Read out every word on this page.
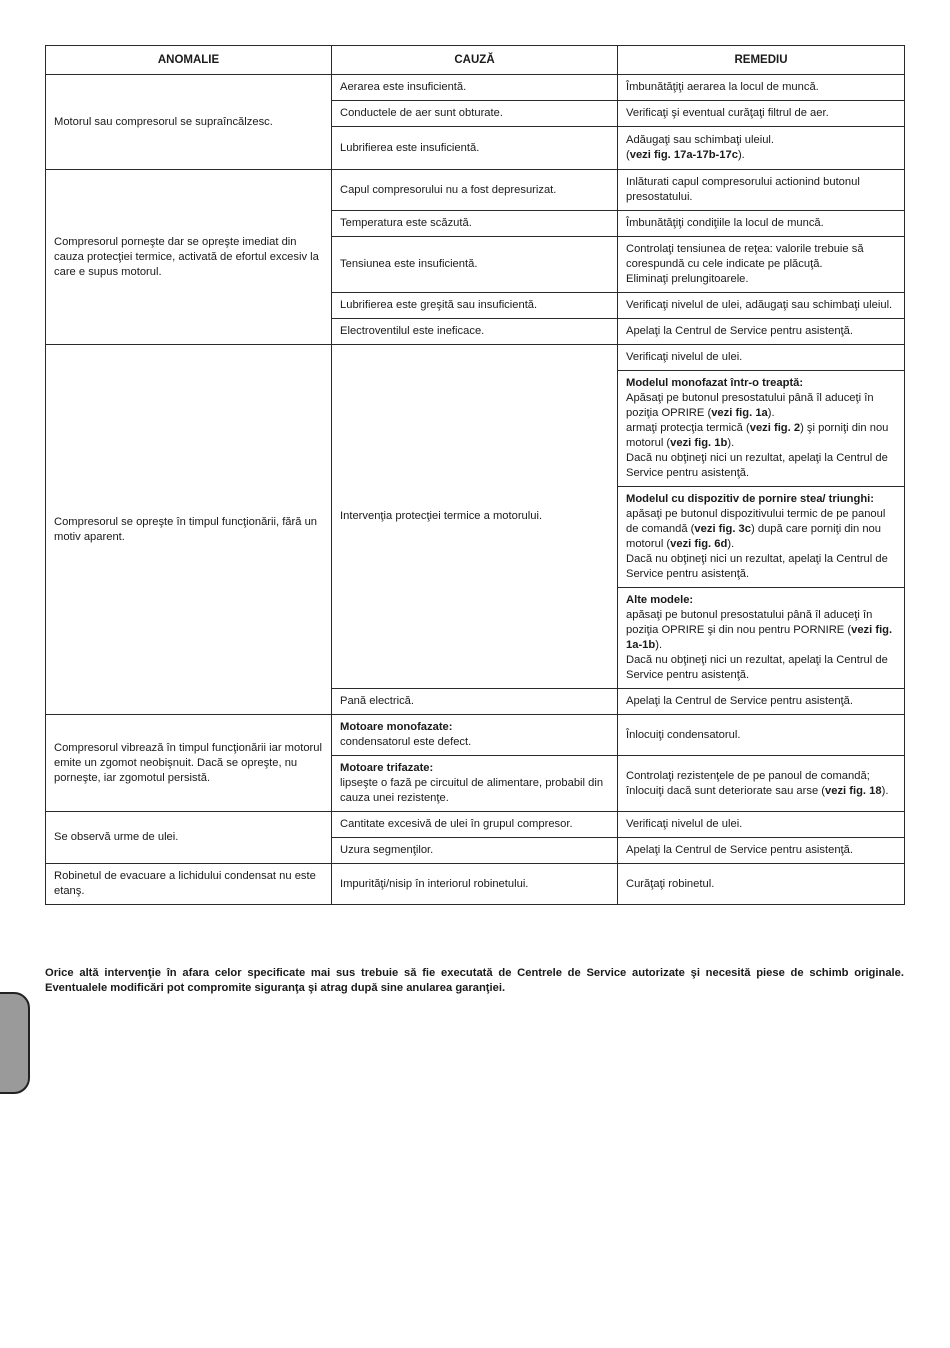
ANOMALIE	CAUZĂ	REMEDIU
Motorul sau compresorul se supraîncălzesc.	Aerarea este insuficientă.	Îmbunătăţiţi aerarea la locul de muncă.

	Conductele de aer sunt obturate.	Verificaţi şi eventual curăţaţi filtrul de aer.

	Lubrifierea este insuficientă.	Adăugaţi sau schimbaţi uleiul.
(vezi fig. 17a-17b-17c).

Compresorul porneşte dar se opreşte imediat din cauza protecţiei termice, activată de efortul excesiv la care e supus motorul.	Capul compresorului nu a fost depresurizat.	Inlăturati capul compresorului actionind butonul presostatului.

	Temperatura este scăzută.	Îmbunătăţiţi condiţiile la locul de muncă.

	Tensiunea este insuficientă.	Controlaţi tensiunea de reţea: valorile trebuie să corespundă cu cele indicate pe plăcuţă.
Eliminaţi prelungitoarele.

	Lubrifierea este greşită sau insuficientă.	Verificaţi nivelul de ulei, adăugaţi sau schimbaţi uleiul.

	Electroventilul este ineficace.	Apelaţi la Centrul de Service pentru asistenţă.

Compresorul se opreşte în timpul funcţionării, fără un motiv aparent.	Intervenţia protecţiei termice a motorului.	Verificaţi nivelul de ulei.

		Modelul monofazat într-o treaptă:
Apăsaţi pe butonul presostatului până îl aduceţi în poziţia OPRIRE (vezi fig. 1a).
armaţi protecţia termică (vezi fig. 2) şi porniţi din nou motorul (vezi fig. 1b).
Dacă nu obţineţi nici un rezultat, apelaţi la Centrul de Service pentru asistenţă.

		Modelul cu dispozitiv de pornire stea/ triunghi:
apăsaţi pe butonul dispozitivului termic de pe panoul de comandă (vezi fig. 3c) după care porniţi din nou motorul (vezi fig. 6d).
Dacă nu obţineţi nici un rezultat, apelaţi la Centrul de Service pentru asistenţă.

		Alte modele:
apăsaţi pe butonul presostatului până îl aduceţi în poziţia OPRIRE şi din nou pentru PORNIRE (vezi fig. 1a-1b).
Dacă nu obţineţi nici un rezultat, apelaţi la Centrul de Service pentru asistenţă.

	Pană electrică.	Apelaţi la Centrul de Service pentru asistenţă.

Compresorul vibrează în timpul funcţionării iar motorul emite un zgomot neobişnuit. Dacă se opreşte, nu porneşte, iar zgomotul persistă.	Motoare monofazate:
condensatorul este defect.	Înlocuiţi condensatorul.

	Motoare trifazate:
lipseşte o fază pe circuitul de alimentare, probabil din cauza unei rezistenţe.	Controlaţi rezistenţele de pe panoul de comandă; înlocuiţi dacă sunt deteriorate sau arse (vezi fig. 18).

Se observă urme de ulei.	Cantitate excesivă de ulei în grupul compresor.	Verificaţi nivelul de ulei.

	Uzura segmenţilor.	Apelaţi la Centrul de Service pentru asistenţă.

Robinetul de evacuare a lichidului condensat nu este etanş.	Impurităţi/nisip în interiorul robinetului.	Curăţaţi robinetul.

Orice altă intervenţie în afara celor specificate mai sus trebuie să fie executată de Centrele de Service autorizate şi necesită piese de schimb originale. Eventualele modificări pot compromite siguranţa şi atrag după sine anularea garanţiei.
